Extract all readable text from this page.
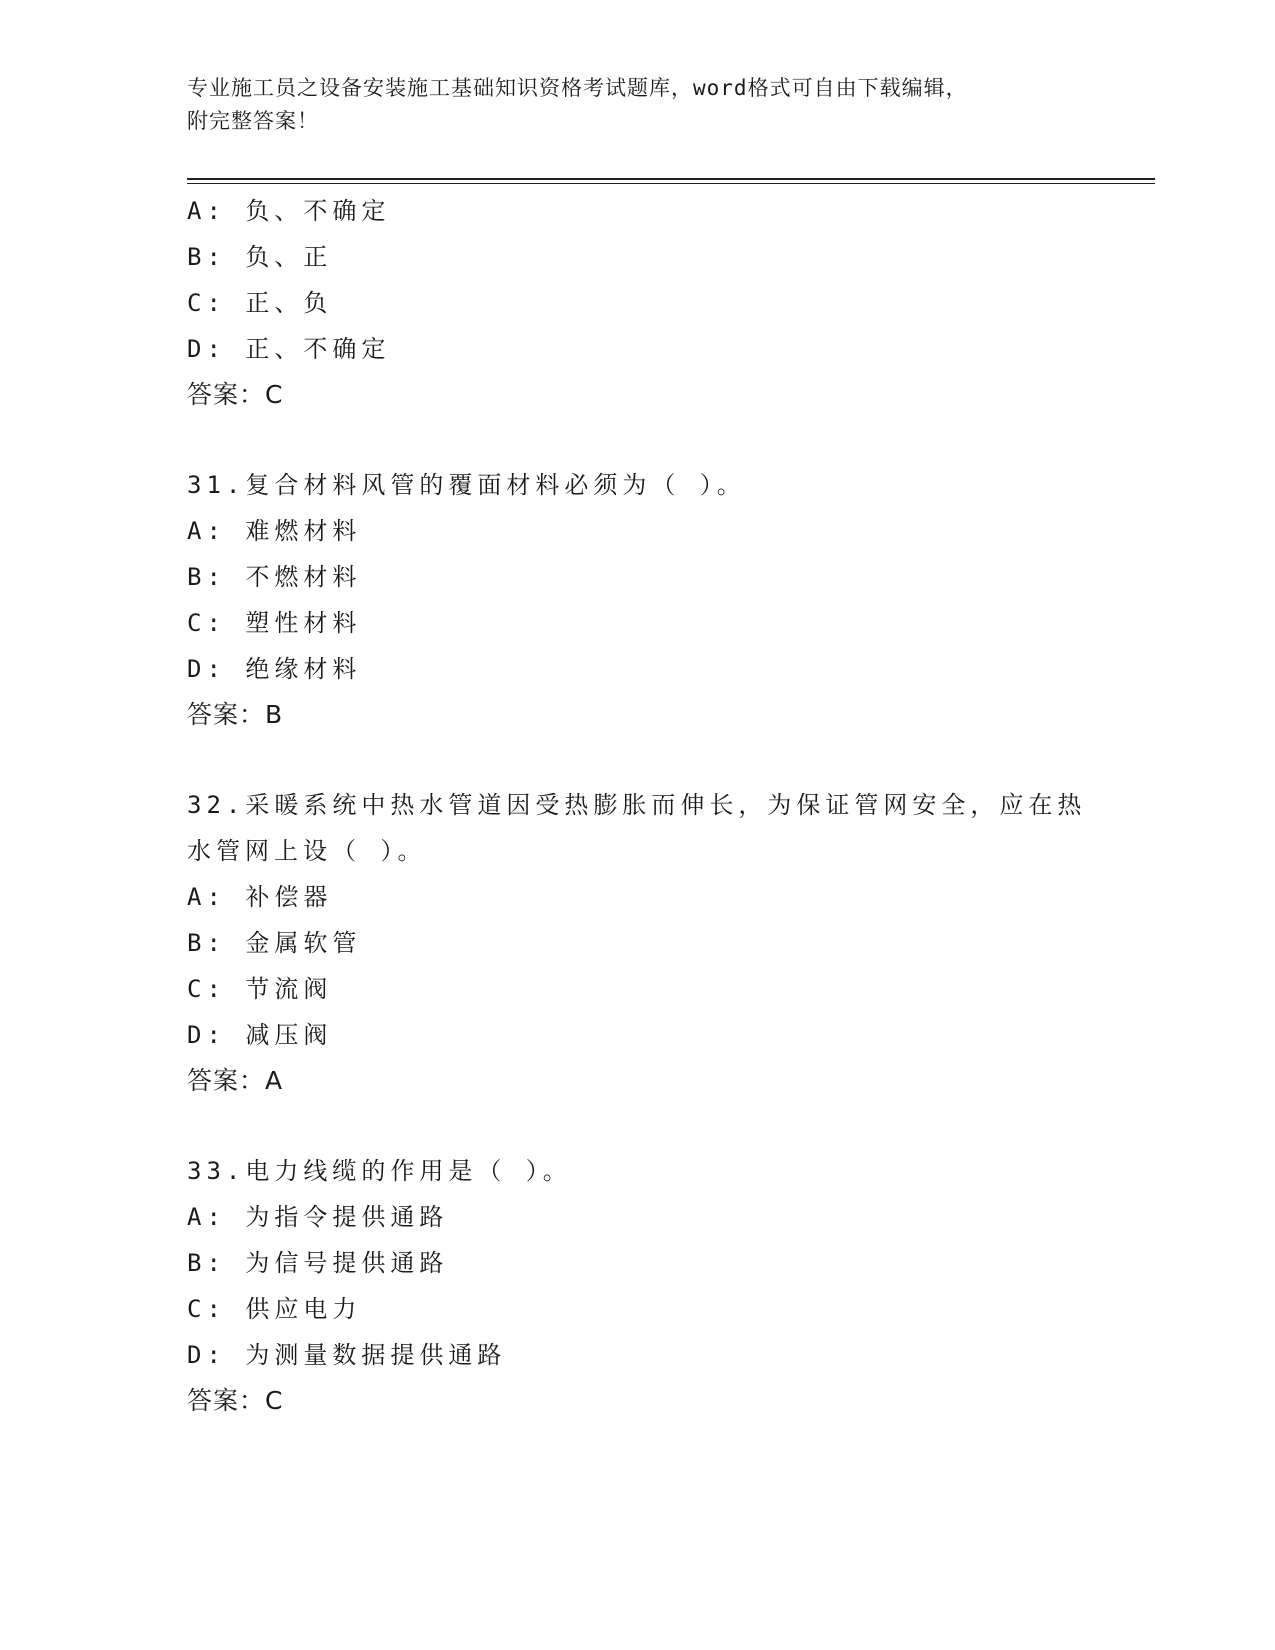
专业施工员之设备安装施工基础知识资格考试题库，word格式可自由下载编辑，
附完整答案！
A: 负、不确定
B: 负、正
C: 正、负
D: 正、不确定
答案：C
31.复合材料风管的覆面材料必须为（ ）。
A: 难燃材料
B: 不燃材料
C: 塑性材料
D: 绝缘材料
答案：B
32.采暖系统中热水管道因受热膨胀而伸长，为保证管网安全，应在热
水管网上设（ ）。
A: 补偿器
B: 金属软管
C: 节流阀
D: 减压阀
答案：A
33.电力线缆的作用是（ ）。
A: 为指令提供通路
B: 为信号提供通路
C: 供应电力
D: 为测量数据提供通路
答案：C
